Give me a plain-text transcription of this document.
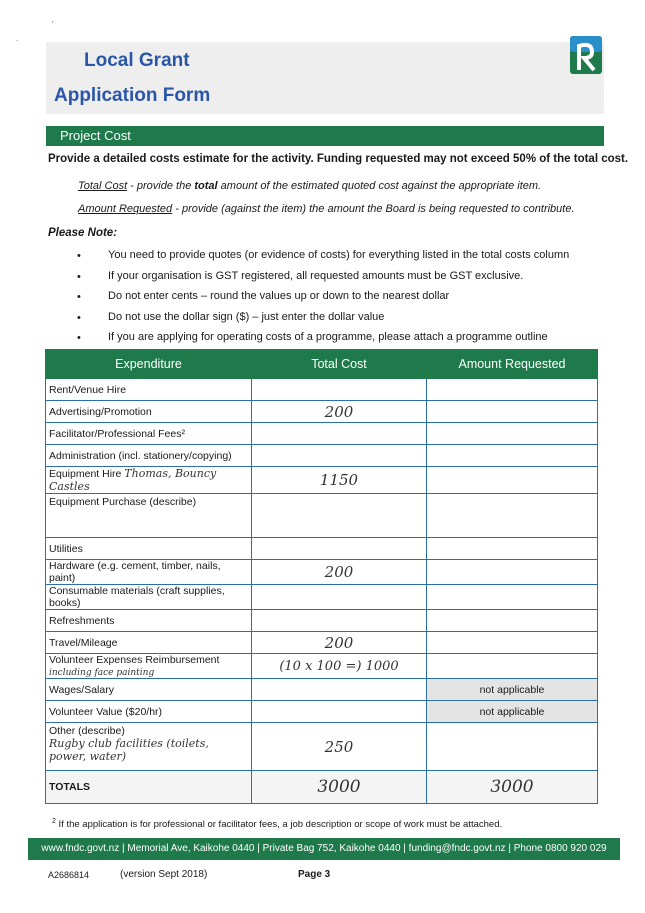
'
.
Local Grant
Application Form
Project Cost
Provide a detailed costs estimate for the activity. Funding requested may not exceed 50% of the total cost.
Total Cost - provide the total amount of the estimated quoted cost against the appropriate item.
Amount Requested - provide (against the item) the amount the Board is being requested to contribute.
Please Note:
• You need to provide quotes (or evidence of costs) for everything listed in the total costs column
• If your organisation is GST registered, all requested amounts must be GST exclusive.
• Do not enter cents – round the values up or down to the nearest dollar
• Do not use the dollar sign ($) – just enter the dollar value
• If you are applying for operating costs of a programme, please attach a programme outline
Expenditure	Total Cost	Amount Requested
Rent/Venue Hire		
Advertising/Promotion	200	
Facilitator/Professional Fees²		
Administration (incl. stationery/copying)		
Equipment Hire Thomas, Bouncy Castles	1150	
Equipment Purchase (describe)		
Utilities		
Hardware (e.g. cement, timber, nails, paint)	200	
Consumable materials (craft supplies, books)		
Refreshments		
Travel/Mileage	200	
Volunteer Expenses Reimbursement
including face painting	(10 x 100 =) 1000	
Wages/Salary		not applicable
Volunteer Value ($20/hr)		not applicable
Other (describe)
Rugby club facilities (toilets, power, water)	250	
TOTALS	3000	3000
$^2$ If the application is for professional or facilitator fees, a job description or scope of work must be attached.
www.fndc.govt.nz | Memorial Ave, Kaikohe 0440 | Private Bag 752, Kaikohe 0440 | funding@fndc.govt.nz | Phone 0800 920 029
A2686814	(version Sept 2018)	Page 3
